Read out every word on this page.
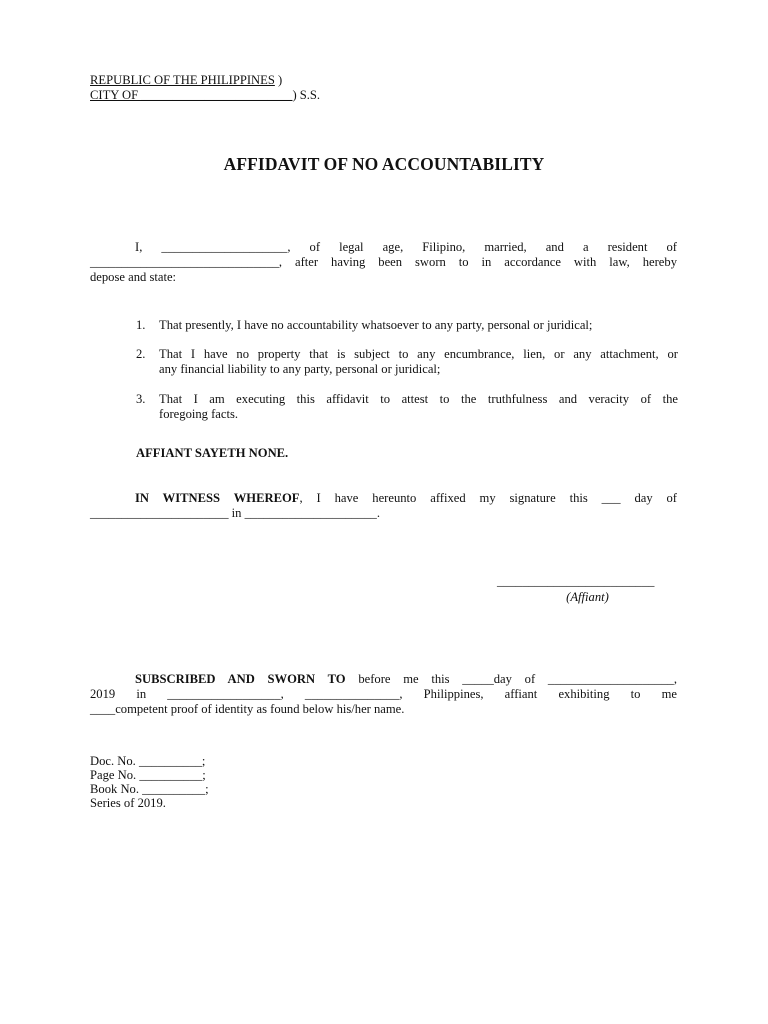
REPUBLIC OF THE PHILIPPINES )
CITY OF ________________________) S.S.
AFFIDAVIT OF NO ACCOUNTABILITY
I,  ____________________,  of  legal  age,  Filipino,  married,  and  a  resident  of
______________________________, after having been sworn to in accordance with law, hereby
depose and state:
1. That presently, I have no accountability whatsoever to any party, personal or juridical;
2. That I have no property that is subject to any encumbrance, lien, or any attachment, or
any financial liability to any party, personal or juridical;
3. That  I  am  executing  this  affidavit  to  attest  to  the  truthfulness  and  veracity  of  the
foregoing facts.
AFFIANT SAYETH NONE.
IN WITNESS WHEREOF, I have hereunto affixed my signature this ___ day of
______________________ in _____________________.
_________________________
(Affiant)
SUBSCRIBED AND SWORN TO before me this _____day of ____________________,
2019   in   __________________,   _______________,   Philippines,   affiant   exhibiting   to   me
____competent proof of identity as found below his/her name.
Doc. No. __________;
Page No. __________;
Book No. __________;
Series of 2019.
